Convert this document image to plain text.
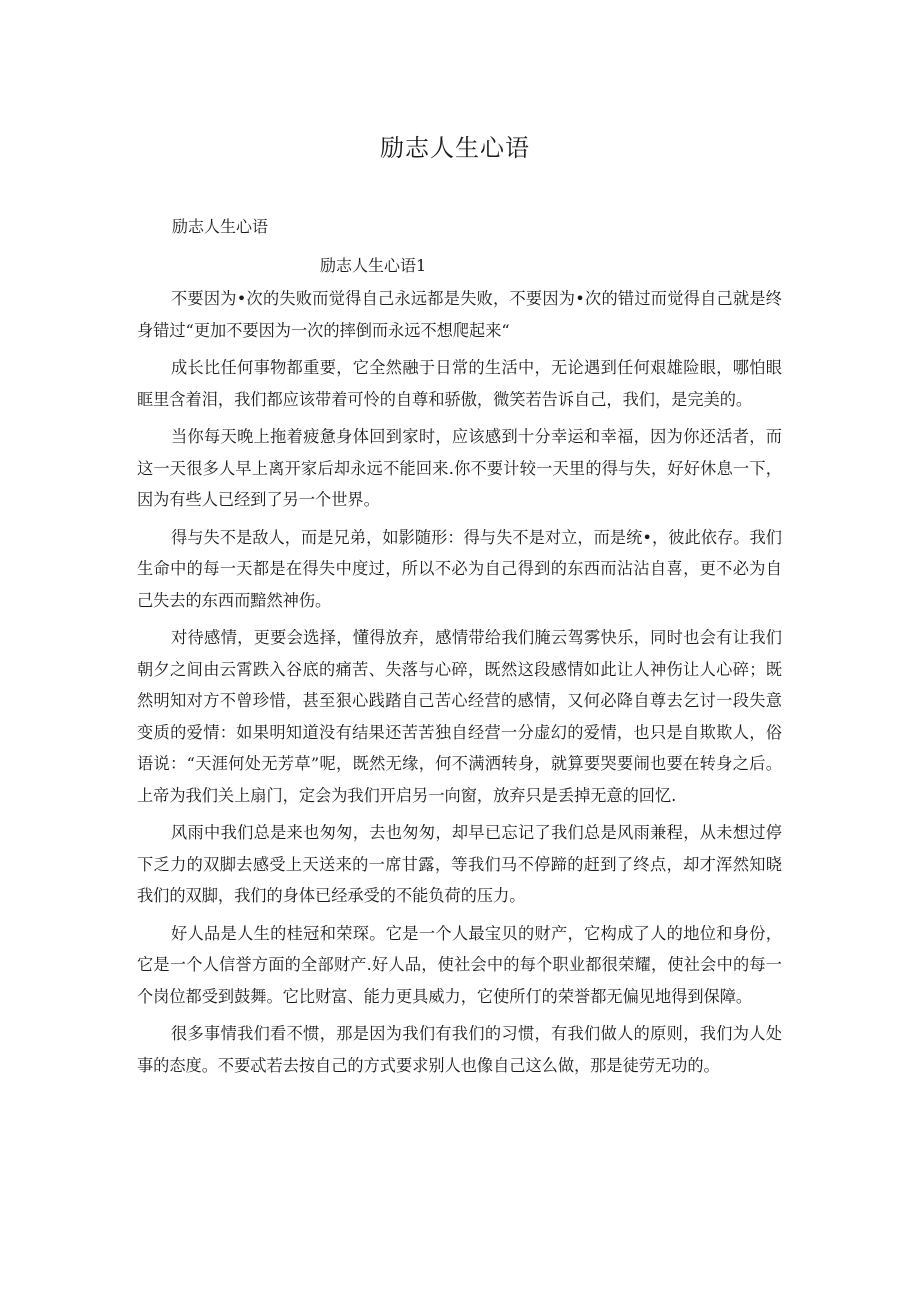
励志人生心语
励志人生心语
励志人生心语1

不要因为•次的失败而觉得自己永远都是失败，不要因为•次的错过而觉得自己就是终身错过“更加不要因为一次的摔倒而永远不想爬起来“

成长比任何事物都重要，它全然融于日常的生活中，无论遇到任何艰雄险眼，哪怕眼眶里含着泪，我们都应该带着可怜的自尊和骄傲，微笑若告诉自己，我们，是完美的。

当你每天晚上拖着疲惫身体回到家时，应该感到十分幸运和幸福，因为你还活者，而这一天很多人早上离开家后却永远不能回来.你不要计较一天里的得与失，好好休息一下，因为有些人已经到了另一个世界。

得与失不是敌人，而是兄弟，如影随形：得与失不是对立，而是统•，彼此依存。我们生命中的每一天都是在得失中度过，所以不必为自己得到的东西而沾沾自喜，更不必为自己失去的东西而黯然神伤。

对待感情，更要会选择，懂得放弃，感情带给我们腌云驾雾快乐，同时也会有让我们朝夕之间由云霄跌入谷底的痛苦、失落与心碎，既然这段感情如此让人神伤让人心碎；既然明知对方不曾珍惜，甚至狠心践踏自己苦心经营的感情，又何必降自尊去乞讨一段失意变质的爱情：如果明知道没有结果还苦苦独自经营一分虚幻的爱情，也只是自欺欺人，俗语说：“天涯何处无芳草”呢，既然无缘，何不满洒转身，就算要哭要闹也要在转身之后。上帝为我们关上扇门，定会为我们开启另一向窗，放弃只是丢掉无意的回忆.

风雨中我们总是来也匆匆，去也匆匆，却早已忘记了我们总是风雨兼程，从未想过停下乏力的双脚去感受上天送来的一席甘露，等我们马不停蹄的赶到了终点，却才浑然知晓我们的双脚，我们的身体已经承受的不能负荷的压力。

好人品是人生的桂冠和荣琛。它是一个人最宝贝的财产，它构成了人的地位和身份，它是一个人信誉方面的全部财产.好人品，使社会中的每个职业都很荣耀，使社会中的每一个岗位都受到鼓舞。它比财富、能力更具威力，它使所仃的荣誉都无偏见地得到保障。

很多事情我们看不惯，那是因为我们有我们的习惯，有我们做人的原则，我们为人处事的态度。不要忒若去按自己的方式要求别人也像自己这么做，那是徒劳无功的。
